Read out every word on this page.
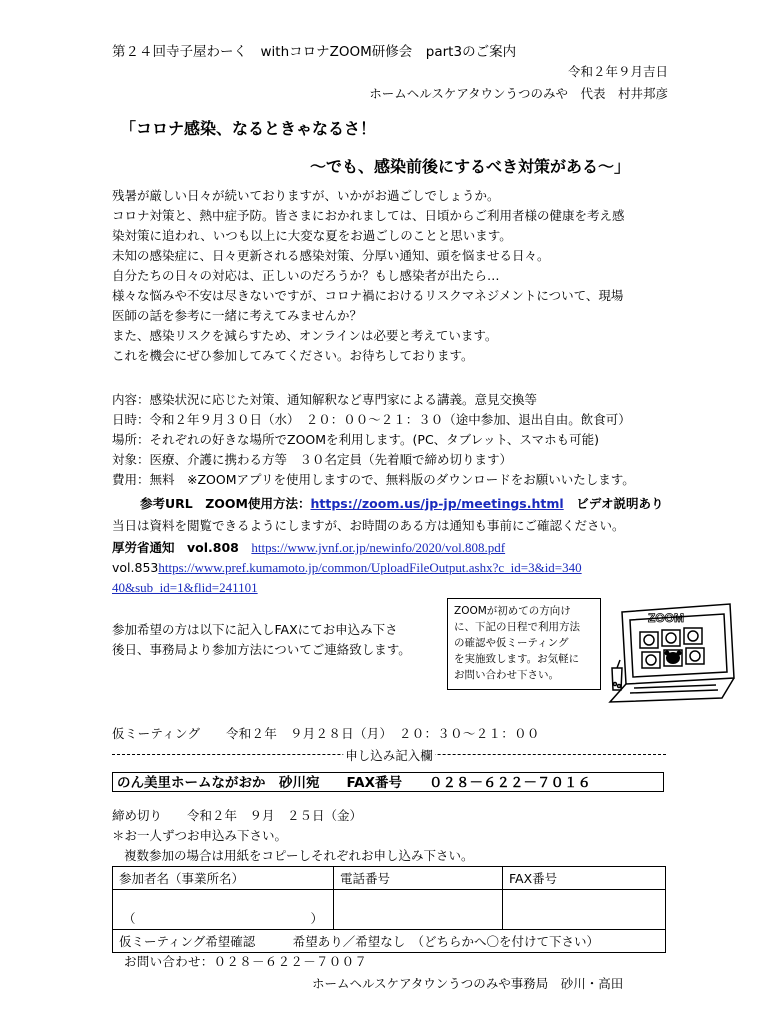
第２４回寺子屋わーく　withコロナZOOM研修会　part3のご案内
令和２年９月吉日
ホームヘルスケアタウンうつのみや　代表　村井邦彦
「コロナ感染、なるときゃなるさ！
～でも、感染前後にするべき対策がある～」
残暑が厳しい日々が続いておりますが、いかがお過ごしでしょうか。
コロナ対策と、熱中症予防。皆さまにおかれましては、日頃からご利用者様の健康を考え感
染対策に追われ、いつも以上に大変な夏をお過ごしのことと思います。
未知の感染症に、日々更新される感染対策、分厚い通知、頭を悩ませる日々。
自分たちの日々の対応は、正しいのだろうか？もし感染者が出たら…
様々な悩みや不安は尽きないですが、コロナ禍におけるリスクマネジメントについて、現場
医師の話を参考に一緒に考えてみませんか？
また、感染リスクを減らすため、オンラインは必要と考えています。
これを機会にぜひ参加してみてください。お待ちしております。
内容：感染状況に応じた対策、通知解釈など専門家による講義。意見交換等
日時：令和２年９月３０日（水）　２０：００～２１：３０（途中参加、退出自由。飲食可）
場所：それぞれの好きな場所でZOOMを利用します。(PC、タブレット、スマホも可能)
対象：医療、介護に携わる方等　３０名定員（先着順で締め切ります）
費用：無料　※ZOOMアプリを使用しますので、無料版のダウンロードをお願いいたします。
参考URL　ZOOM使用方法：https://zoom.us/jp-jp/meetings.html　ビデオ説明あり
当日は資料を閲覧できるようにしますが、お時間のある方は通知も事前にご確認ください。
厚労省通知　vol.808　https://www.jvnf.or.jp/newinfo/2020/vol.808.pdf
vol.853https://www.pref.kumamoto.jp/common/UploadFileOutput.ashx?c_id=3&id=340
40&sub_id=1&flid=241101
参加希望の方は以下に記入しFAXにてお申込み下さ
後日、事務局より参加方法についてご連絡致します。
ZOOMが初めての方向け
に、下記の日程で利用方法
の確認や仮ミーティング
を実施致します。お気軽に
お問い合わせ下さい。
ZOOM
仮ミーティング　　令和２年　９月２８日（月）　２０：３０～２１：００
申し込み記入欄
のん美里ホームながおか　砂川宛　　FAX番号　　０２８－６２２－７０１６
締め切り　　令和２年　９月　２５日（金）
＊お一人ずつお申込み下さい。
複数参加の場合は用紙をコピーしそれぞれお申し込み下さい。
参加者名（事業所名）	電話番号	FAX番号

（ ）		

仮ミーティング希望確認　　　希望あり／希望なし　（どちらかへ〇を付けて下さい）		
お問い合わせ：０２８－６２２－７００７
ホームヘルスケアタウンうつのみや事務局　砂川・高田
